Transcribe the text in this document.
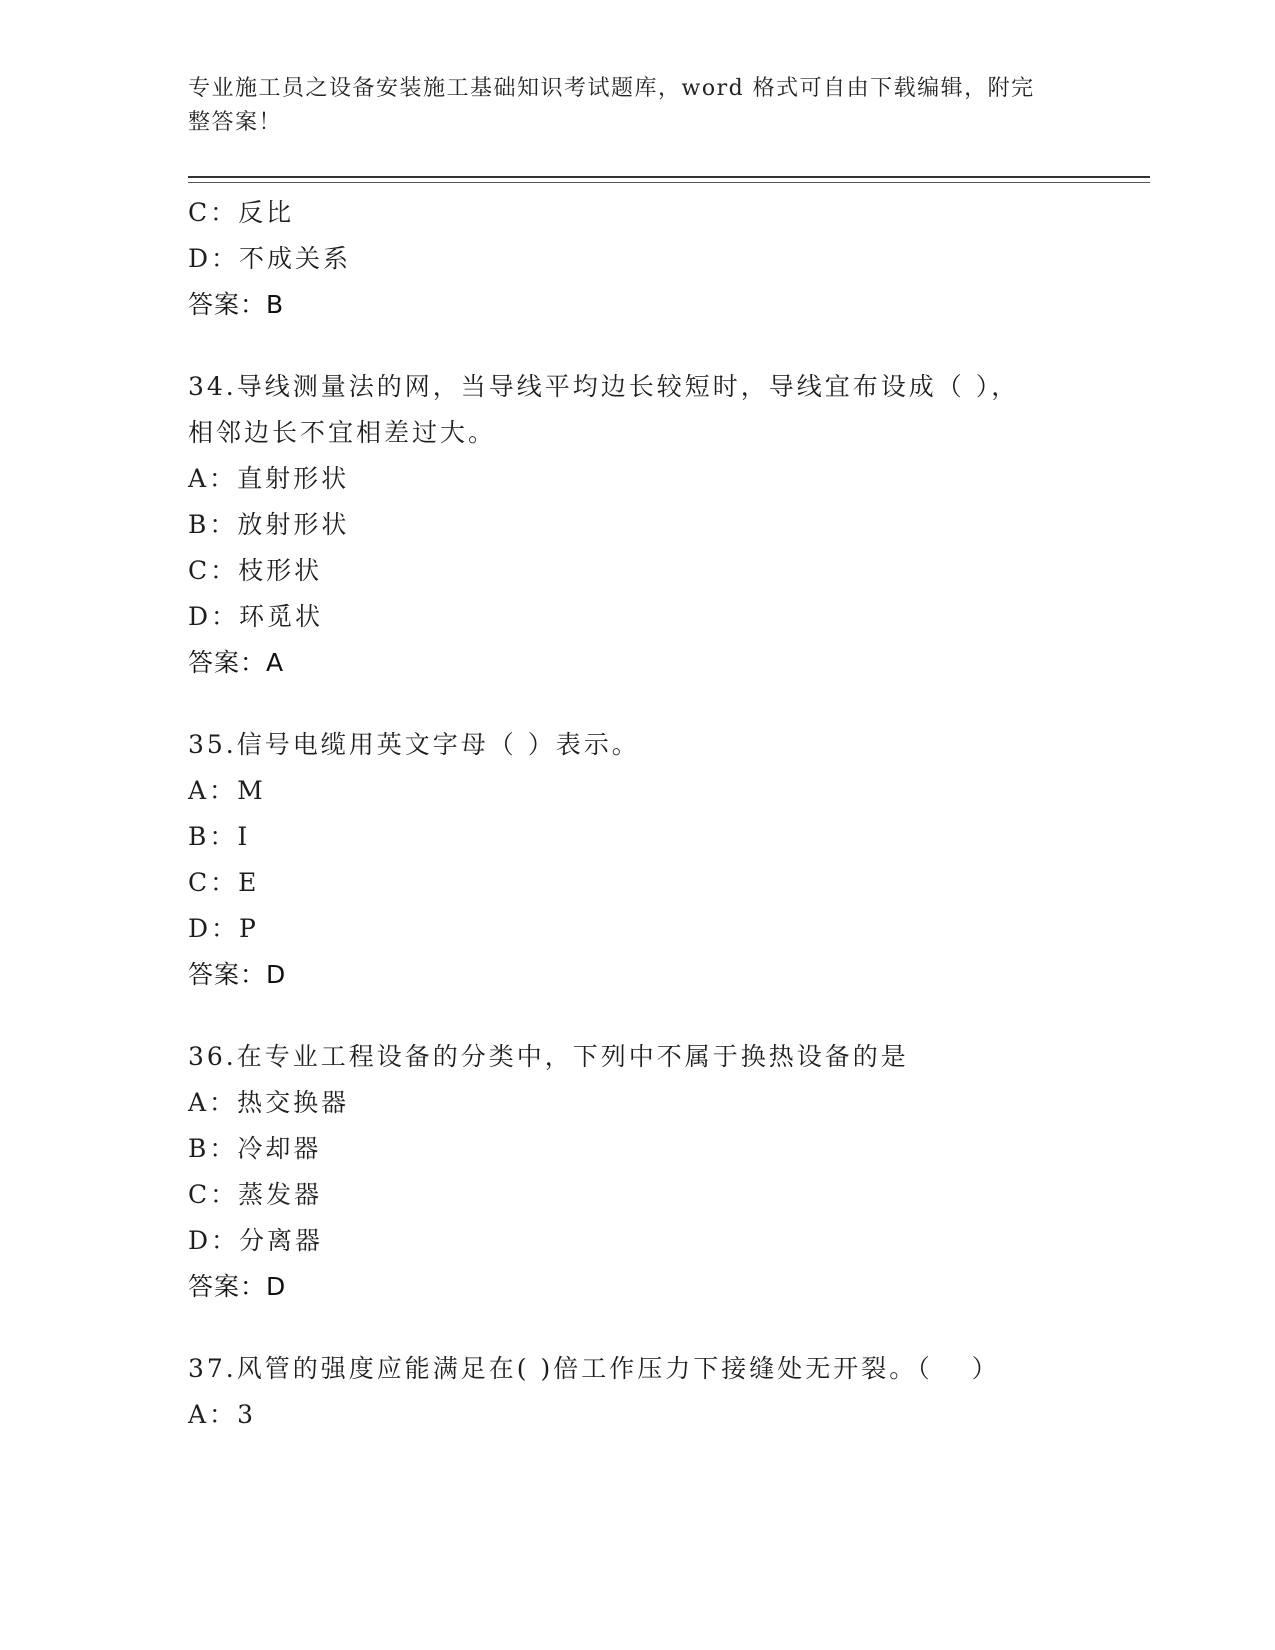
专业施工员之设备安装施工基础知识考试题库，word 格式可自由下载编辑，附完
整答案！
C：反比
D：不成关系
答案：B
34.导线测量法的网，当导线平均边长较短时，导线宜布设成（ ），
相邻边长不宜相差过大。
A：直射形状
B：放射形状
C：枝形状
D：环觅状
答案：A
35.信号电缆用英文字母（ ）表示。
A：M
B：I
C：E
D：P
答案：D
36.在专业工程设备的分类中，下列中不属于换热设备的是
A：热交换器
B：冷却器
C：蒸发器
D：分离器
答案：D
37.风管的强度应能满足在( )倍工作压力下接缝处无开裂。（　 ）
A：3
